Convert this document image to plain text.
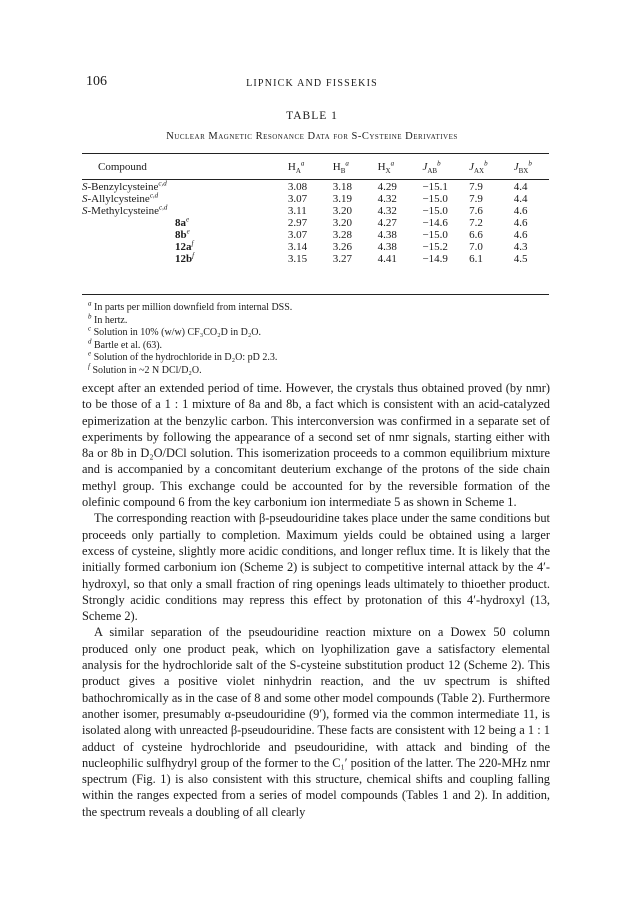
106	LIPNICK AND FISSEKIS
TABLE 1
Nuclear Magnetic Resonance Data for S-Cysteine Derivatives
Compound	$H_A^a$	$H_B^a$	$H_X^a$	$J_{AB}^b$	$J_{AX}^b$	$J_{BX}^b$
S-Benzylcysteine$^{c,d}$	3.08	3.18	4.29	−15.1	7.9	4.4
S-Allylcysteine$^{c,d}$	3.07	3.19	4.32	−15.0	7.9	4.4
S-Methylcysteine$^{c,d}$	3.11	3.20	4.32	−15.0	7.6	4.6
$8a^e$	2.97	3.20	4.27	−14.6	7.2	4.6
$8b^e$	3.07	3.28	4.38	−15.0	6.6	4.6
$12a^f$	3.14	3.26	4.38	−15.2	7.0	4.3
$12b^f$	3.15	3.27	4.41	−14.9	6.1	4.5
$^a$ In parts per million downfield from internal DSS.
$^b$ In hertz.
$^c$ Solution in 10% (w/w) CF₃CO₂D in D₂O.
$^d$ Bartle et al. (63).
$^e$ Solution of the hydrochloride in D₂O: pD 2.3.
$^f$ Solution in ~2 N DCl/D₂O.

except after an extended period of time. However, the crystals thus obtained proved (by nmr) to be those of a 1 : 1 mixture of 8a and 8b, a fact which is consistent with an acid-catalyzed epimerization at the benzylic carbon. This interconversion was confirmed in a separate set of experiments by following the appearance of a second set of nmr signals, starting either with 8a or 8b in D₂O/DCl solution. This isomerization proceeds to a common equilibrium mixture and is accompanied by a concomitant deuterium exchange of the protons of the side chain methyl group. This exchange could be accounted for by the reversible formation of the olefinic compound 6 from the key carbonium ion intermediate 5 as shown in Scheme 1.

The corresponding reaction with β-pseudouridine takes place under the same conditions but proceeds only partially to completion. Maximum yields could be obtained using a larger excess of cysteine, slightly more acidic conditions, and longer reflux time. It is likely that the initially formed carbonium ion (Scheme 2) is subject to competitive internal attack by the 4′-hydroxyl, so that only a small fraction of ring openings leads ultimately to thioether product. Strongly acidic conditions may repress this effect by protonation of this 4′-hydroxyl (13, Scheme 2).

A similar separation of the pseudouridine reaction mixture on a Dowex 50 column produced only one product peak, which on lyophilization gave a satisfactory elemental analysis for the hydrochloride salt of the S-cysteine substitution product 12 (Scheme 2). This product gives a positive violet ninhydrin reaction, and the uv spectrum is shifted bathochromically as in the case of 8 and some other model compounds (Table 2). Furthermore another isomer, presumably α-pseudouridine (9′), formed via the common intermediate 11, is isolated along with unreacted β-pseudouridine. These facts are consistent with 12 being a 1 : 1 adduct of cysteine hydrochloride and pseudouridine, with attack and binding of the nucleophilic sulfhydryl group of the former to the C₁′ position of the latter. The 220-MHz nmr spectrum (Fig. 1) is also consistent with this structure, chemical shifts and coupling falling within the ranges expected from a series of model compounds (Tables 1 and 2). In addition, the spectrum reveals a doubling of all clearly
